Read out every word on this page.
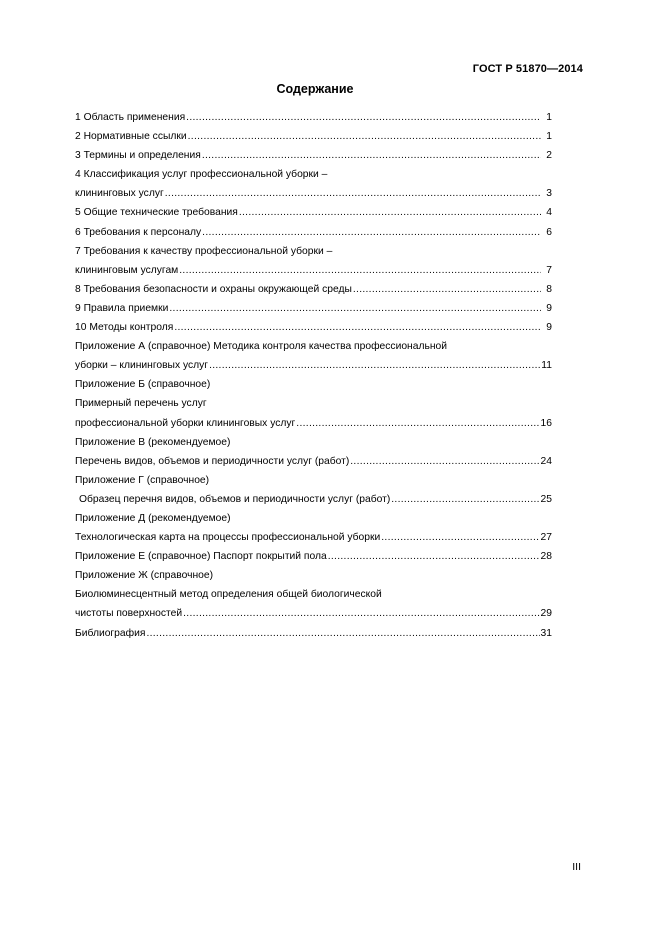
ГОСТ Р 51870—2014
Содержание
1 Область применения .....	1
2 Нормативные ссылки .....	1
3 Термины и определения .....	2
4 Классификация услуг профессиональной уборки –
клининговых услуг .....	3
5 Общие технические требования .....	4
6 Требования к персоналу .....	6
7 Требования к качеству профессиональной уборки –
клининговым услугам .....	7
8 Требования безопасности и охраны окружающей среды .....	8
9 Правила приемки .....	9
10 Методы контроля .....	9
Приложение А (справочное) Методика контроля качества профессиональной
уборки – клининговых услуг .....	11
Приложение Б (справочное)
Примерный перечень услуг
профессиональной уборки клининговых услуг .....	16
Приложение В (рекомендуемое)
Перечень видов, объемов и периодичности услуг (работ) .....	24
Приложение Г (справочное)
Образец перечня видов, объемов и периодичности услуг (работ) .....	25
Приложение Д (рекомендуемое)
Технологическая карта на процессы профессиональной уборки .....	27
Приложение Е (справочное) Паспорт покрытий пола .....	28
Приложение Ж (справочное)
Биолюминесцентный метод определения общей биологической
чистоты поверхностей .....	29
Библиография .....	31
III
